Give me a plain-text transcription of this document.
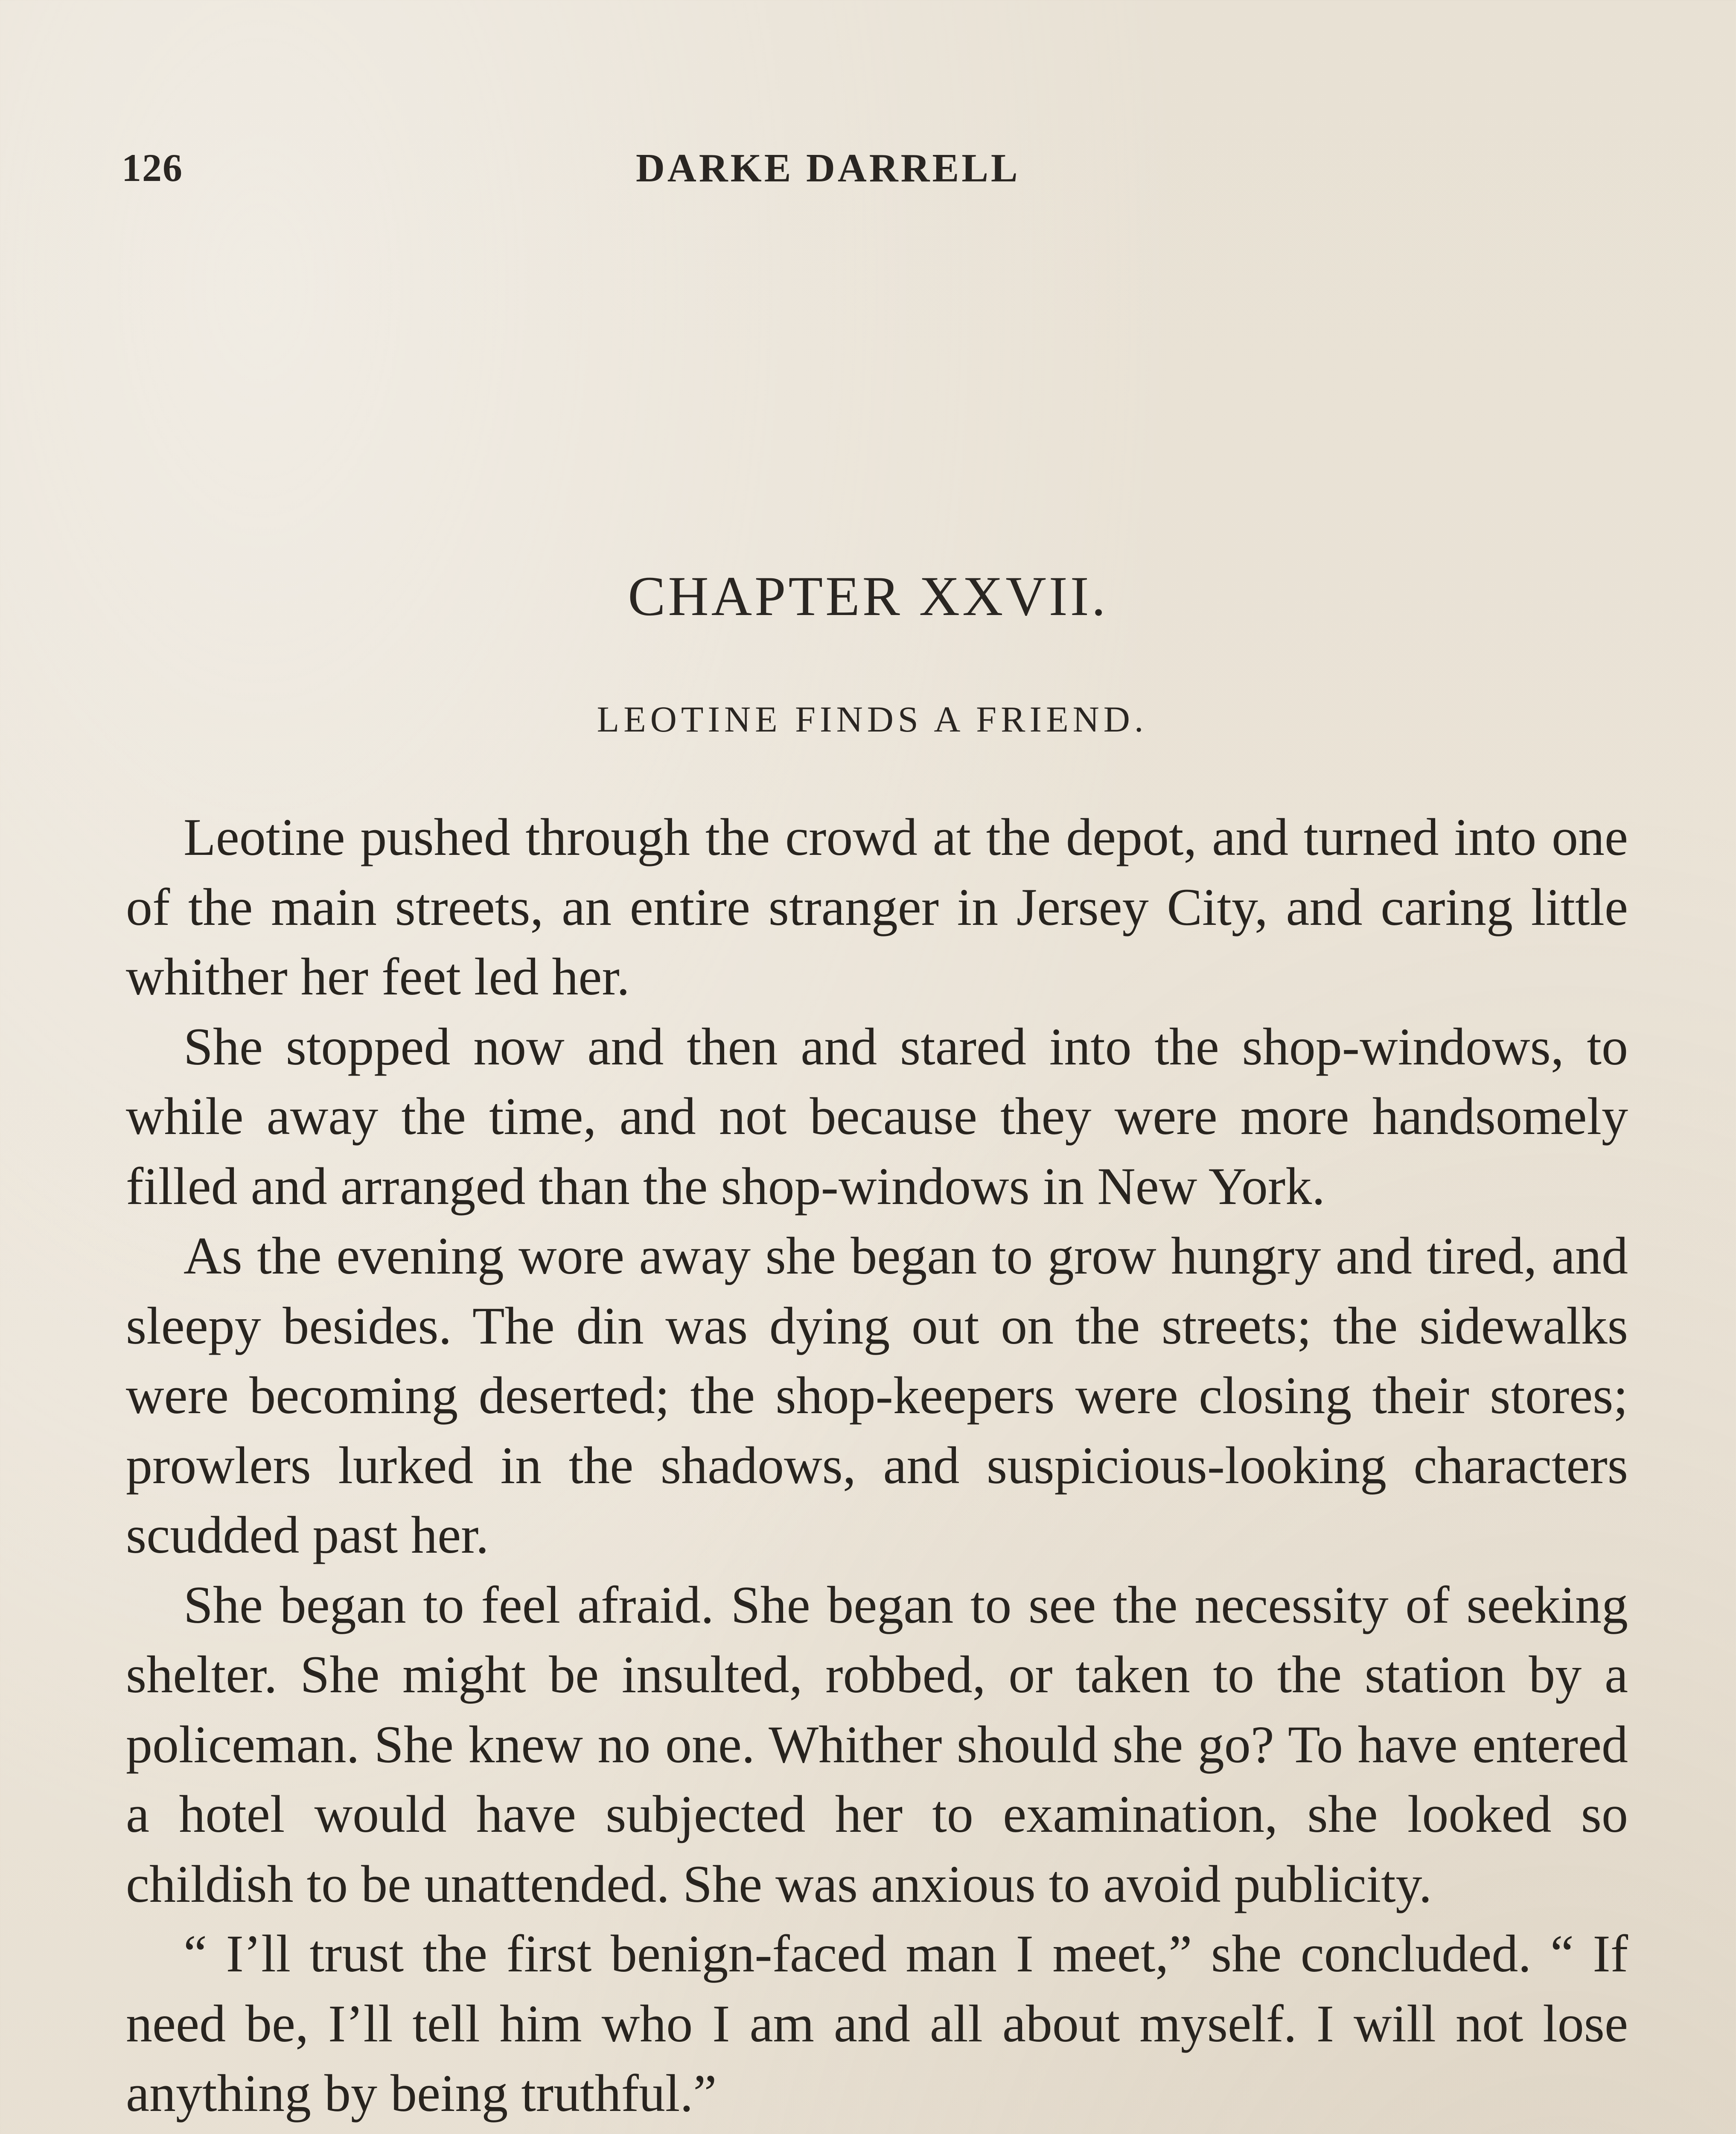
126	DARKE DARRELL
CHAPTER XXVII.
LEOTINE FINDS A FRIEND.

Leotine pushed through the crowd at the depot, and turned into one of the main streets, an entire stranger in Jersey City, and caring little whither her feet led her.

She stopped now and then and stared into the shop-windows, to while away the time, and not because they were more handsomely filled and arranged than the shop-windows in New York.

As the evening wore away she began to grow hungry and tired, and sleepy besides. The din was dying out on the streets; the sidewalks were becoming deserted; the shop-keepers were closing their stores; prowlers lurked in the shadows, and suspicious-looking characters scudded past her.

She began to feel afraid. She began to see the necessity of seeking shelter. She might be insulted, robbed, or taken to the station by a policeman. She knew no one. Whither should she go? To have entered a hotel would have subjected her to examination, she looked so childish to be unattended. She was anxious to avoid publicity.

“ I’ll trust the first benign-faced man I meet,” she concluded. “ If need be, I’ll tell him who I am and all about myself. I will not lose anything by being truthful.”
